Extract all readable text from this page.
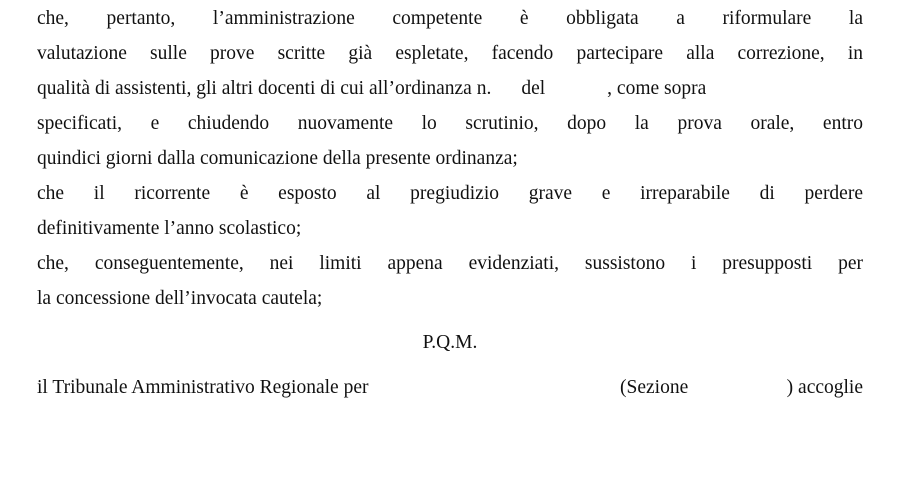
che, pertanto, l’amministrazione competente è obbligata a riformulare la
valutazione sulle prove scritte già espletate, facendo partecipare alla correzione, in
qualità di assistenti, gli altri docenti di cui all’ordinanza n. del	, come sopra
specificati, e chiudendo nuovamente lo scrutinio, dopo la prova orale, entro
quindici giorni dalla comunicazione della presente ordinanza;
che il ricorrente è esposto al pregiudizio grave e irreparabile di perdere
definitivamente l’anno scolastico;
che, conseguentemente, nei limiti appena evidenziati, sussistono i presupposti per
la concessione dell’invocata cautela;
P.Q.M.
il Tribunale Amministrativo Regionale per	(Sezione	) accoglie
